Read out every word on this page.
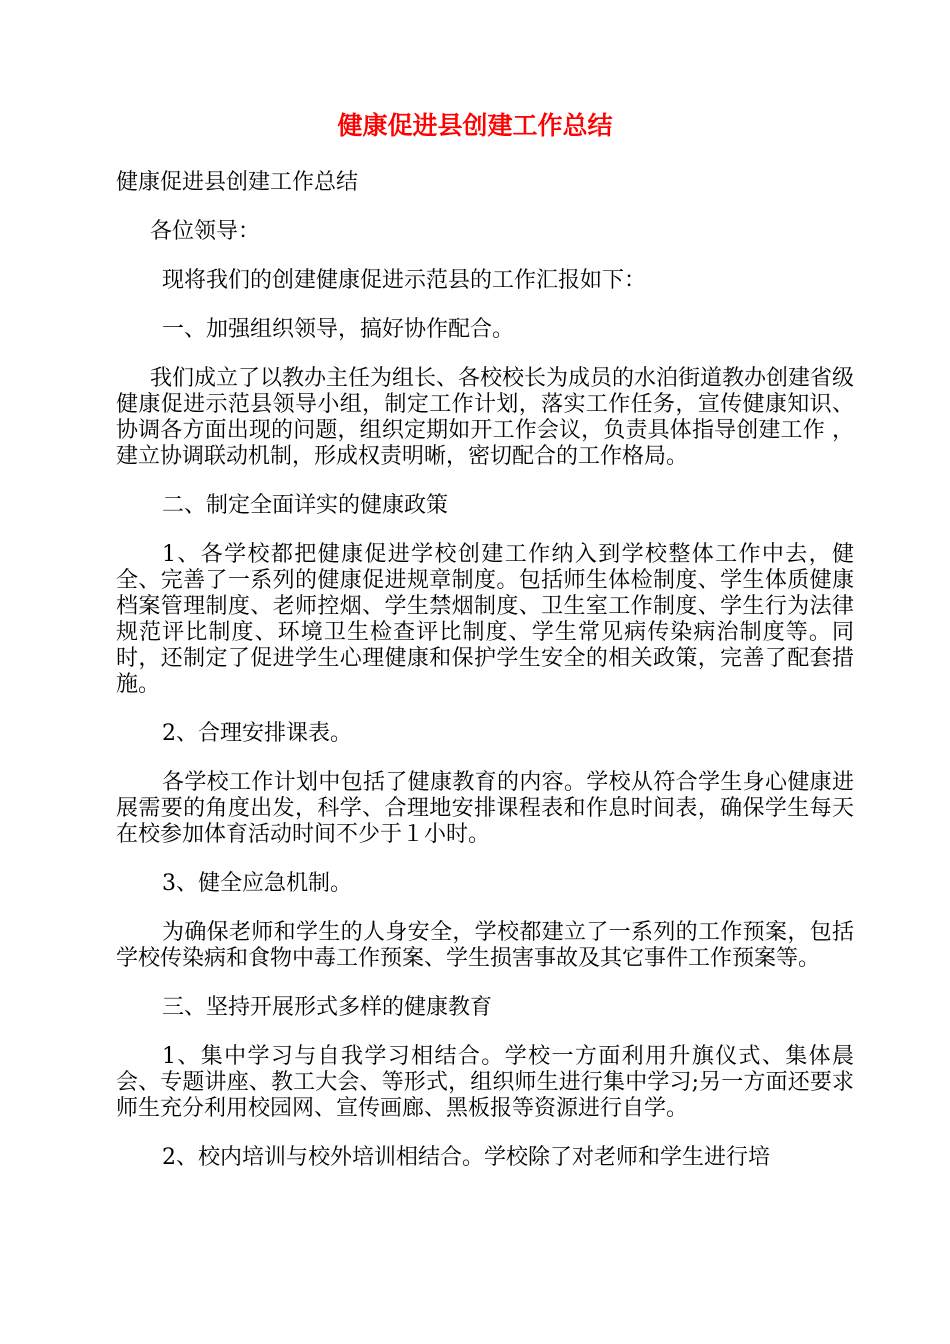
健康促进县创建工作总结

健康促进县创建工作总结

各位领导：

现将我们的创建健康促进示范县的工作汇报如下：

一、加强组织领导，搞好协作配合。

我们成立了以教办主任为组长、各校校长为成员的水泊街道教办创建省级健康促进示范县领导小组，制定工作计划，落实工作任务，宣传健康知识、协调各方面出现的问题，组织定期如开工作会议，负责具体指导创建工作 ，建立协调联动机制，形成权责明晰，密切配合的工作格局。

二、制定全面详实的健康政策

1、各学校都把健康促进学校创建工作纳入到学校整体工作中去，健全、完善了一系列的健康促进规章制度。包括师生体检制度、学生体质健康档案管理制度、老师控烟、学生禁烟制度、卫生室工作制度、学生行为法律规范评比制度、环境卫生检查评比制度、学生常见病传染病治制度等。同时，还制定了促进学生心理健康和保护学生安全的相关政策，完善了配套措施。

2、合理安排课表。

各学校工作计划中包括了健康教育的内容。学校从符合学生身心健康进展需要的角度出发，科学、合理地安排课程表和作息时间表，确保学生每天在校参加体育活动时间不少于１小时。

3、健全应急机制。

为确保老师和学生的人身安全，学校都建立了一系列的工作预案，包括学校传染病和食物中毒工作预案、学生损害事故及其它事件工作预案等。

三、坚持开展形式多样的健康教育

1、集中学习与自我学习相结合。学校一方面利用升旗仪式、集体晨会、专题讲座、教工大会、等形式，组织师生进行集中学习;另一方面还要求师生充分利用校园网、宣传画廊、黑板报等资源进行自学。

2、校内培训与校外培训相结合。学校除了对老师和学生进行培
